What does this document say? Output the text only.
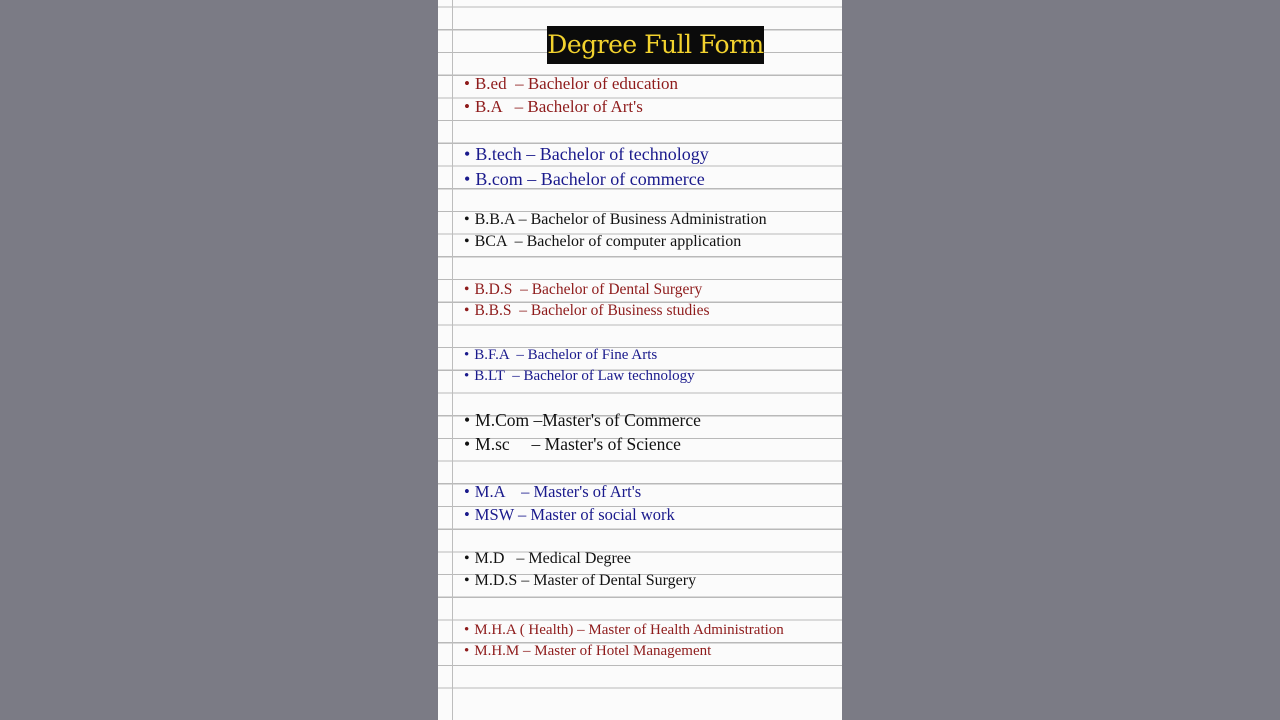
Degree Full Form
• B.ed  – Bachelor of education
• B.A   – Bachelor of Art's
• B.tech – Bachelor of technology
• B.com – Bachelor of commerce
• B.B.A – Bachelor of Business Administration
• BCA  – Bachelor of computer application
• B.D.S  – Bachelor of Dental Surgery
• B.B.S  – Bachelor of Business studies
• B.F.A  – Bachelor of Fine Arts
• B.LT  – Bachelor of Law technology
• M.Com –Master's of Commerce
• M.sc     – Master's of Science
• M.A    – Master's of Art's
• MSW – Master of social work
• M.D   – Medical Degree
• M.D.S – Master of Dental Surgery
• M.H.A ( Health) – Master of Health Administration
• M.H.M – Master of Hotel Management
